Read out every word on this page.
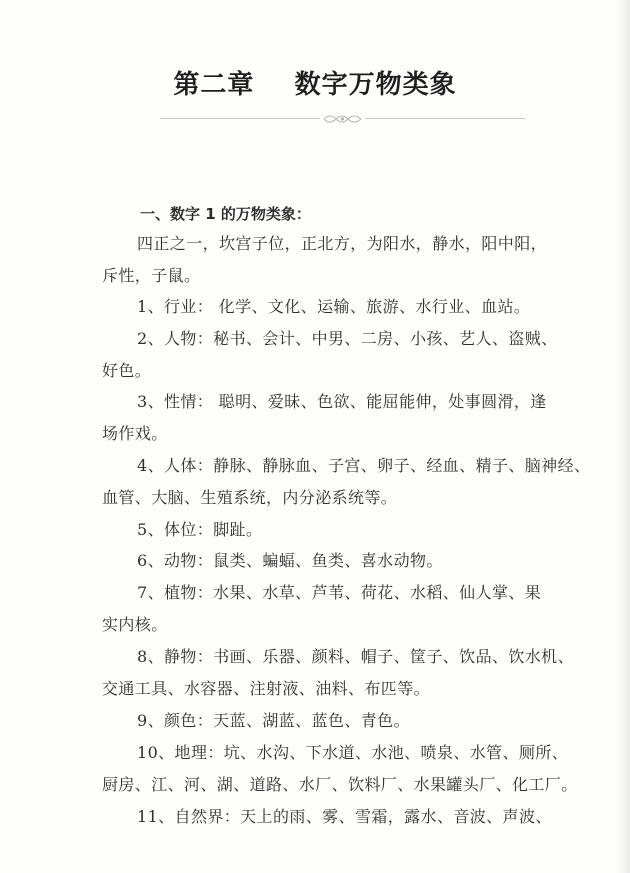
第二章    数字万物类象
一、数字 1 的万物类象：
四正之一，坎宫子位，正北方，为阳水，静水，阳中阳，
斥性，子鼠。
1、行业： 化学、文化、运输、旅游、水行业、血站。
2、人物：秘书、会计、中男、二房、小孩、艺人、盗贼、
好色。
3、性情： 聪明、爱昧、色欲、能屈能伸，处事圆滑，逢
场作戏。
4、人体：静脉、静脉血、子宫、卵子、经血、精子、脑神经、
血管、大脑、生殖系统，内分泌系统等。
5、体位：脚趾。
6、动物：鼠类、蝙蝠、鱼类、喜水动物。
7、植物：水果、水草、芦苇、荷花、水稻、仙人掌、果
实内核。
8、静物：书画、乐器、颜料、帽子、筐子、饮品、饮水机、
交通工具、水容器、注射液、油料、布匹等。
9、颜色：天蓝、湖蓝、蓝色、青色。
10、地理：坑、水沟、下水道、水池、喷泉、水管、厕所、
厨房、江、河、湖、道路、水厂、饮料厂、水果罐头厂、化工厂。
11、自然界：天上的雨、雾、雪霜，露水、音波、声波、
